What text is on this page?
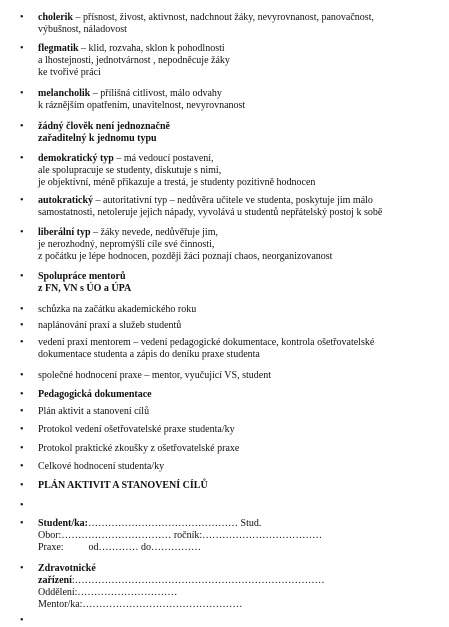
• cholerik – přísnost, živost, aktivnost, nadchnout žáky, nevyrovnanost, panovačnost,
výbušnost, náladovost
• flegmatik – klid, rozvaha, sklon k pohodlnosti
a lhostejnosti, jednotvárnost , nepodněcuje žáky
ke tvořivé práci
• melancholik – přílišná citlivost, málo odvahy
k ráznějším opatřením, unavitelnost, nevyrovnanost
• žádný člověk není jednoznačně
zařaditelný k jednomu typu
• demokratický typ – má vedoucí postavení,
ale spolupracuje se studenty, diskutuje s nimi,
je objektivní, méně přikazuje a trestá, je studenty pozitivně hodnocen
• autokratický – autoritativní typ – nedůvěra učitele ve studenta, poskytuje jim málo
samostatnosti, netoleruje jejich nápady, vyvolává u studentů nepřátelský postoj k sobě
• liberální typ – žáky nevede, nedůvěřuje jim,
je nerozhodný, nepromýšlí cíle své činnosti,
z počátku je lépe hodnocen, později žáci poznají chaos, neorganizovanost
• Spolupráce mentorů
z FN, VN s ÚO a ÚPA
• schůzka na začátku akademického roku
• naplánování praxí a služeb studentů
• vedení praxí mentorem – vedení pedagogické dokumentace, kontrola ošetřovatelské
dokumentace studenta a zápis do deníku praxe studenta
• společné hodnocení praxe – mentor, vyučující VS, student
• Pedagogická dokumentace
• Plán aktivit a stanovení cílů
• Protokol vedení ošetřovatelské praxe studenta/ky
• Protokol praktické zkoušky z ošetřovatelské praxe
• Celkové hodnocení studenta/ky
• PLÁN AKTIVIT A STANOVENÍ CÍLŮ
•
• Student/ka:……………………………………… Stud.
Obor:…………………………… ročník:………………………………
Praxe:          od………… do……………
• Zdravotnické
zařízení:…………………………………………………………………
Oddělení:…………………………
Mentor/ka:…………………………………………
•
